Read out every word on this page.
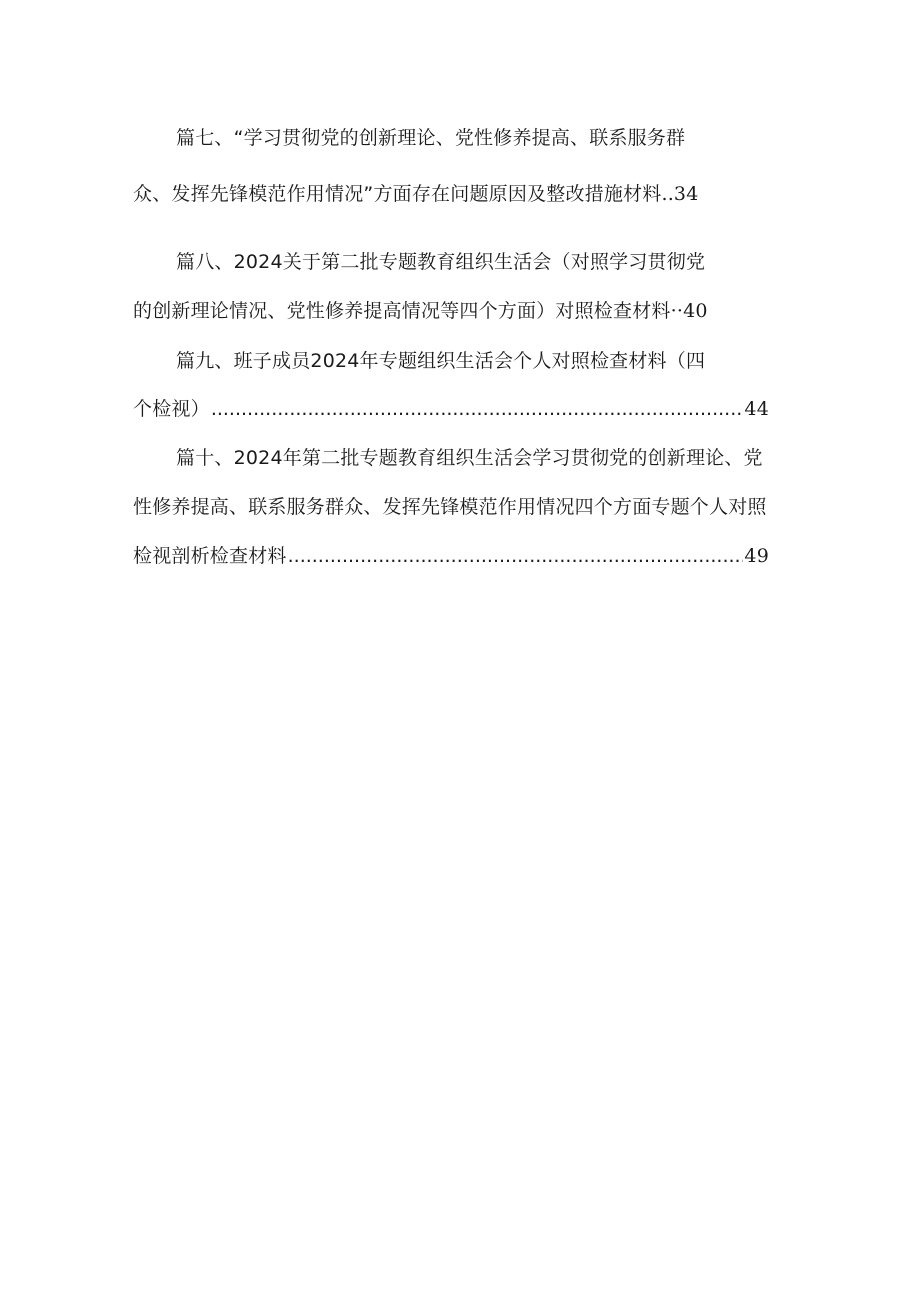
篇七、“学习贯彻党的创新理论、党性修养提高、联系服务群
众、发挥先锋模范作用情况”方面存在问题原因及整改措施材料 ..34
篇八、2024关于第二批专题教育组织生活会（对照学习贯彻党
的创新理论情况、党性修养提高情况等四个方面）对照检查材料 ··40
篇九、班子成员2024年专题组织生活会个人对照检查材料（四
个检视） .....	44
篇十、2024年第二批专题教育组织生活会学习贯彻党的创新理论、党
性修养提高、联系服务群众、发挥先锋模范作用情况四个方面专题个人对照
检视剖析检查材料 .....	49
